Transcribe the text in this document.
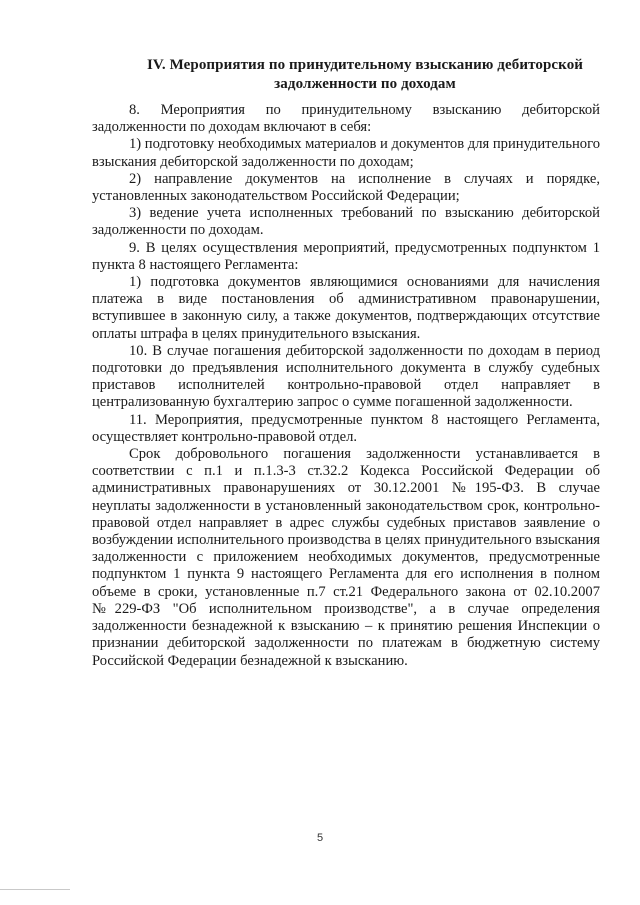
IV. Мероприятия по принудительному взысканию дебиторской
задолженности по доходам

8. Мероприятия по принудительному взысканию дебиторской задолженности по доходам включают в себя:

1) подготовку необходимых материалов и документов для принудительного взыскания дебиторской задолженности по доходам;

2) направление документов на исполнение в случаях и порядке, установленных законодательством Российской Федерации;

3) ведение учета исполненных требований по взысканию дебиторской задолженности по доходам.

9. В целях осуществления мероприятий, предусмотренных подпунктом 1 пункта 8 настоящего Регламента:

1) подготовка документов являющимися основаниями для начисления платежа в виде постановления об административном правонарушении, вступившее в законную силу, а также документов, подтверждающих отсутствие оплаты штрафа в целях принудительного взыскания.

10. В случае погашения дебиторской задолженности по доходам в период подготовки до предъявления исполнительного документа в службу судебных приставов исполнителей контрольно-правовой отдел направляет в централизованную бухгалтерию запрос о сумме погашенной задолженности.

11. Мероприятия, предусмотренные пунктом 8 настоящего Регламента, осуществляет контрольно-правовой отдел.

Срок добровольного погашения задолженности устанавливается в соответствии с п.1 и п.1.3-3 ст.32.2 Кодекса Российской Федерации об административных правонарушениях от 30.12.2001 №195-ФЗ. В случае неуплаты задолженности в установленный законодательством срок, контрольно-правовой отдел направляет в адрес службы судебных приставов заявление о возбуждении исполнительного производства в целях принудительного взыскания задолженности с приложением необходимых документов, предусмотренные подпунктом 1 пункта 9 настоящего Регламента для его исполнения в полном объеме в сроки, установленные п.7 ст.21 Федерального закона от 02.10.2007 №229-ФЗ "Об исполнительном производстве", а в случае определения задолженности безнадежной к взысканию – к принятию решения Инспекции о признании дебиторской задолженности по платежам в бюджетную систему Российской Федерации безнадежной к взысканию.

5
